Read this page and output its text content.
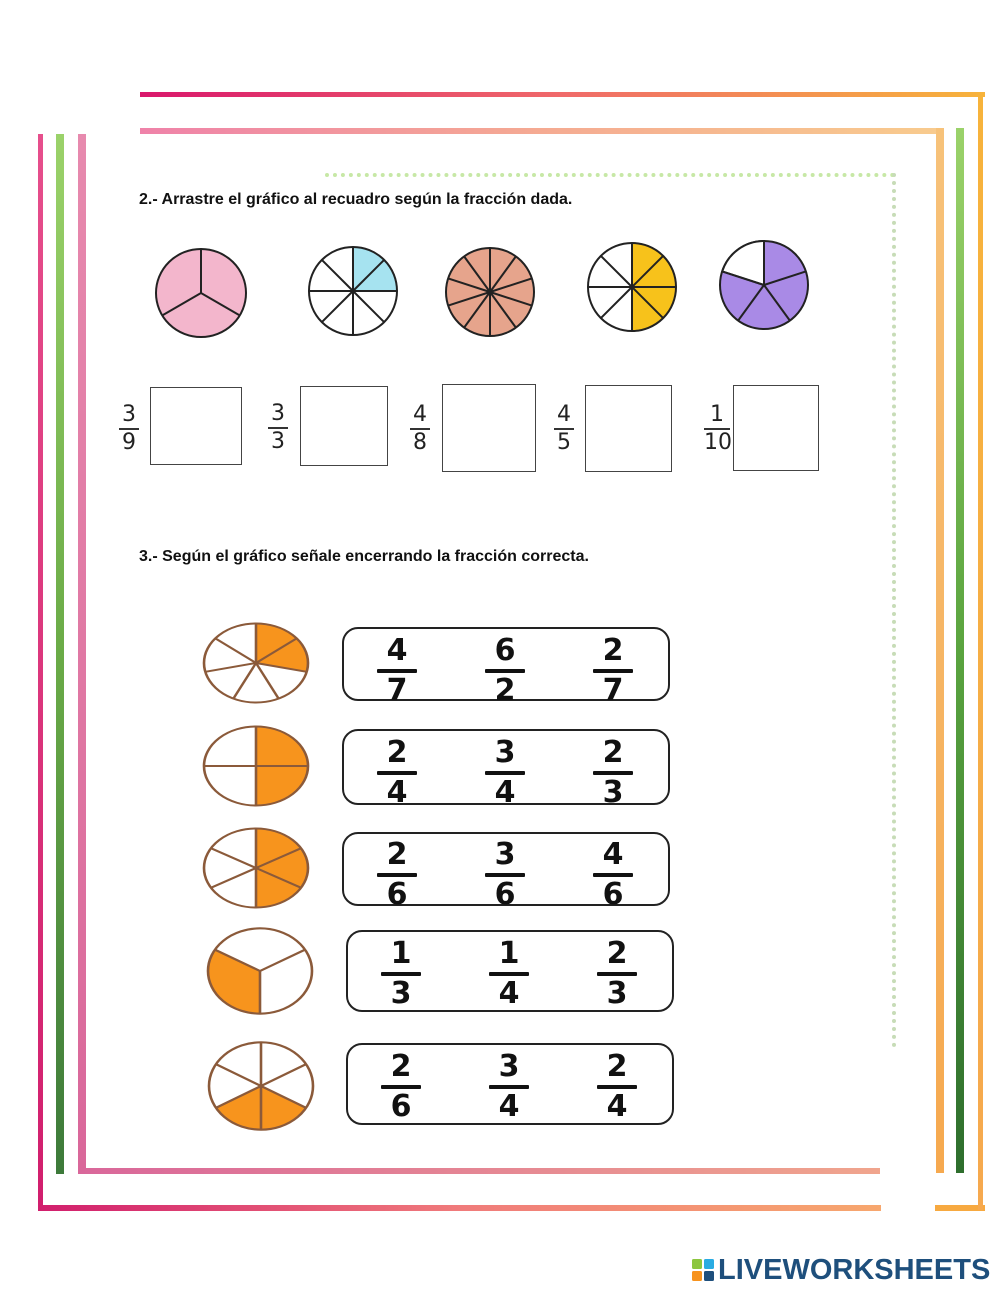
2.- Arrastre el gráfico al recuadro según la fracción dada.
3
9
3
3
4
8
4
5
1
10
3.- Según el gráfico señale encerrando la fracción correcta.
4
7
6
2
2
7
2
4
3
4
2
3
2
6
3
6
4
6
1
3
1
4
2
3
2
6
3
4
2
4
LIVEWORKSHEETS
